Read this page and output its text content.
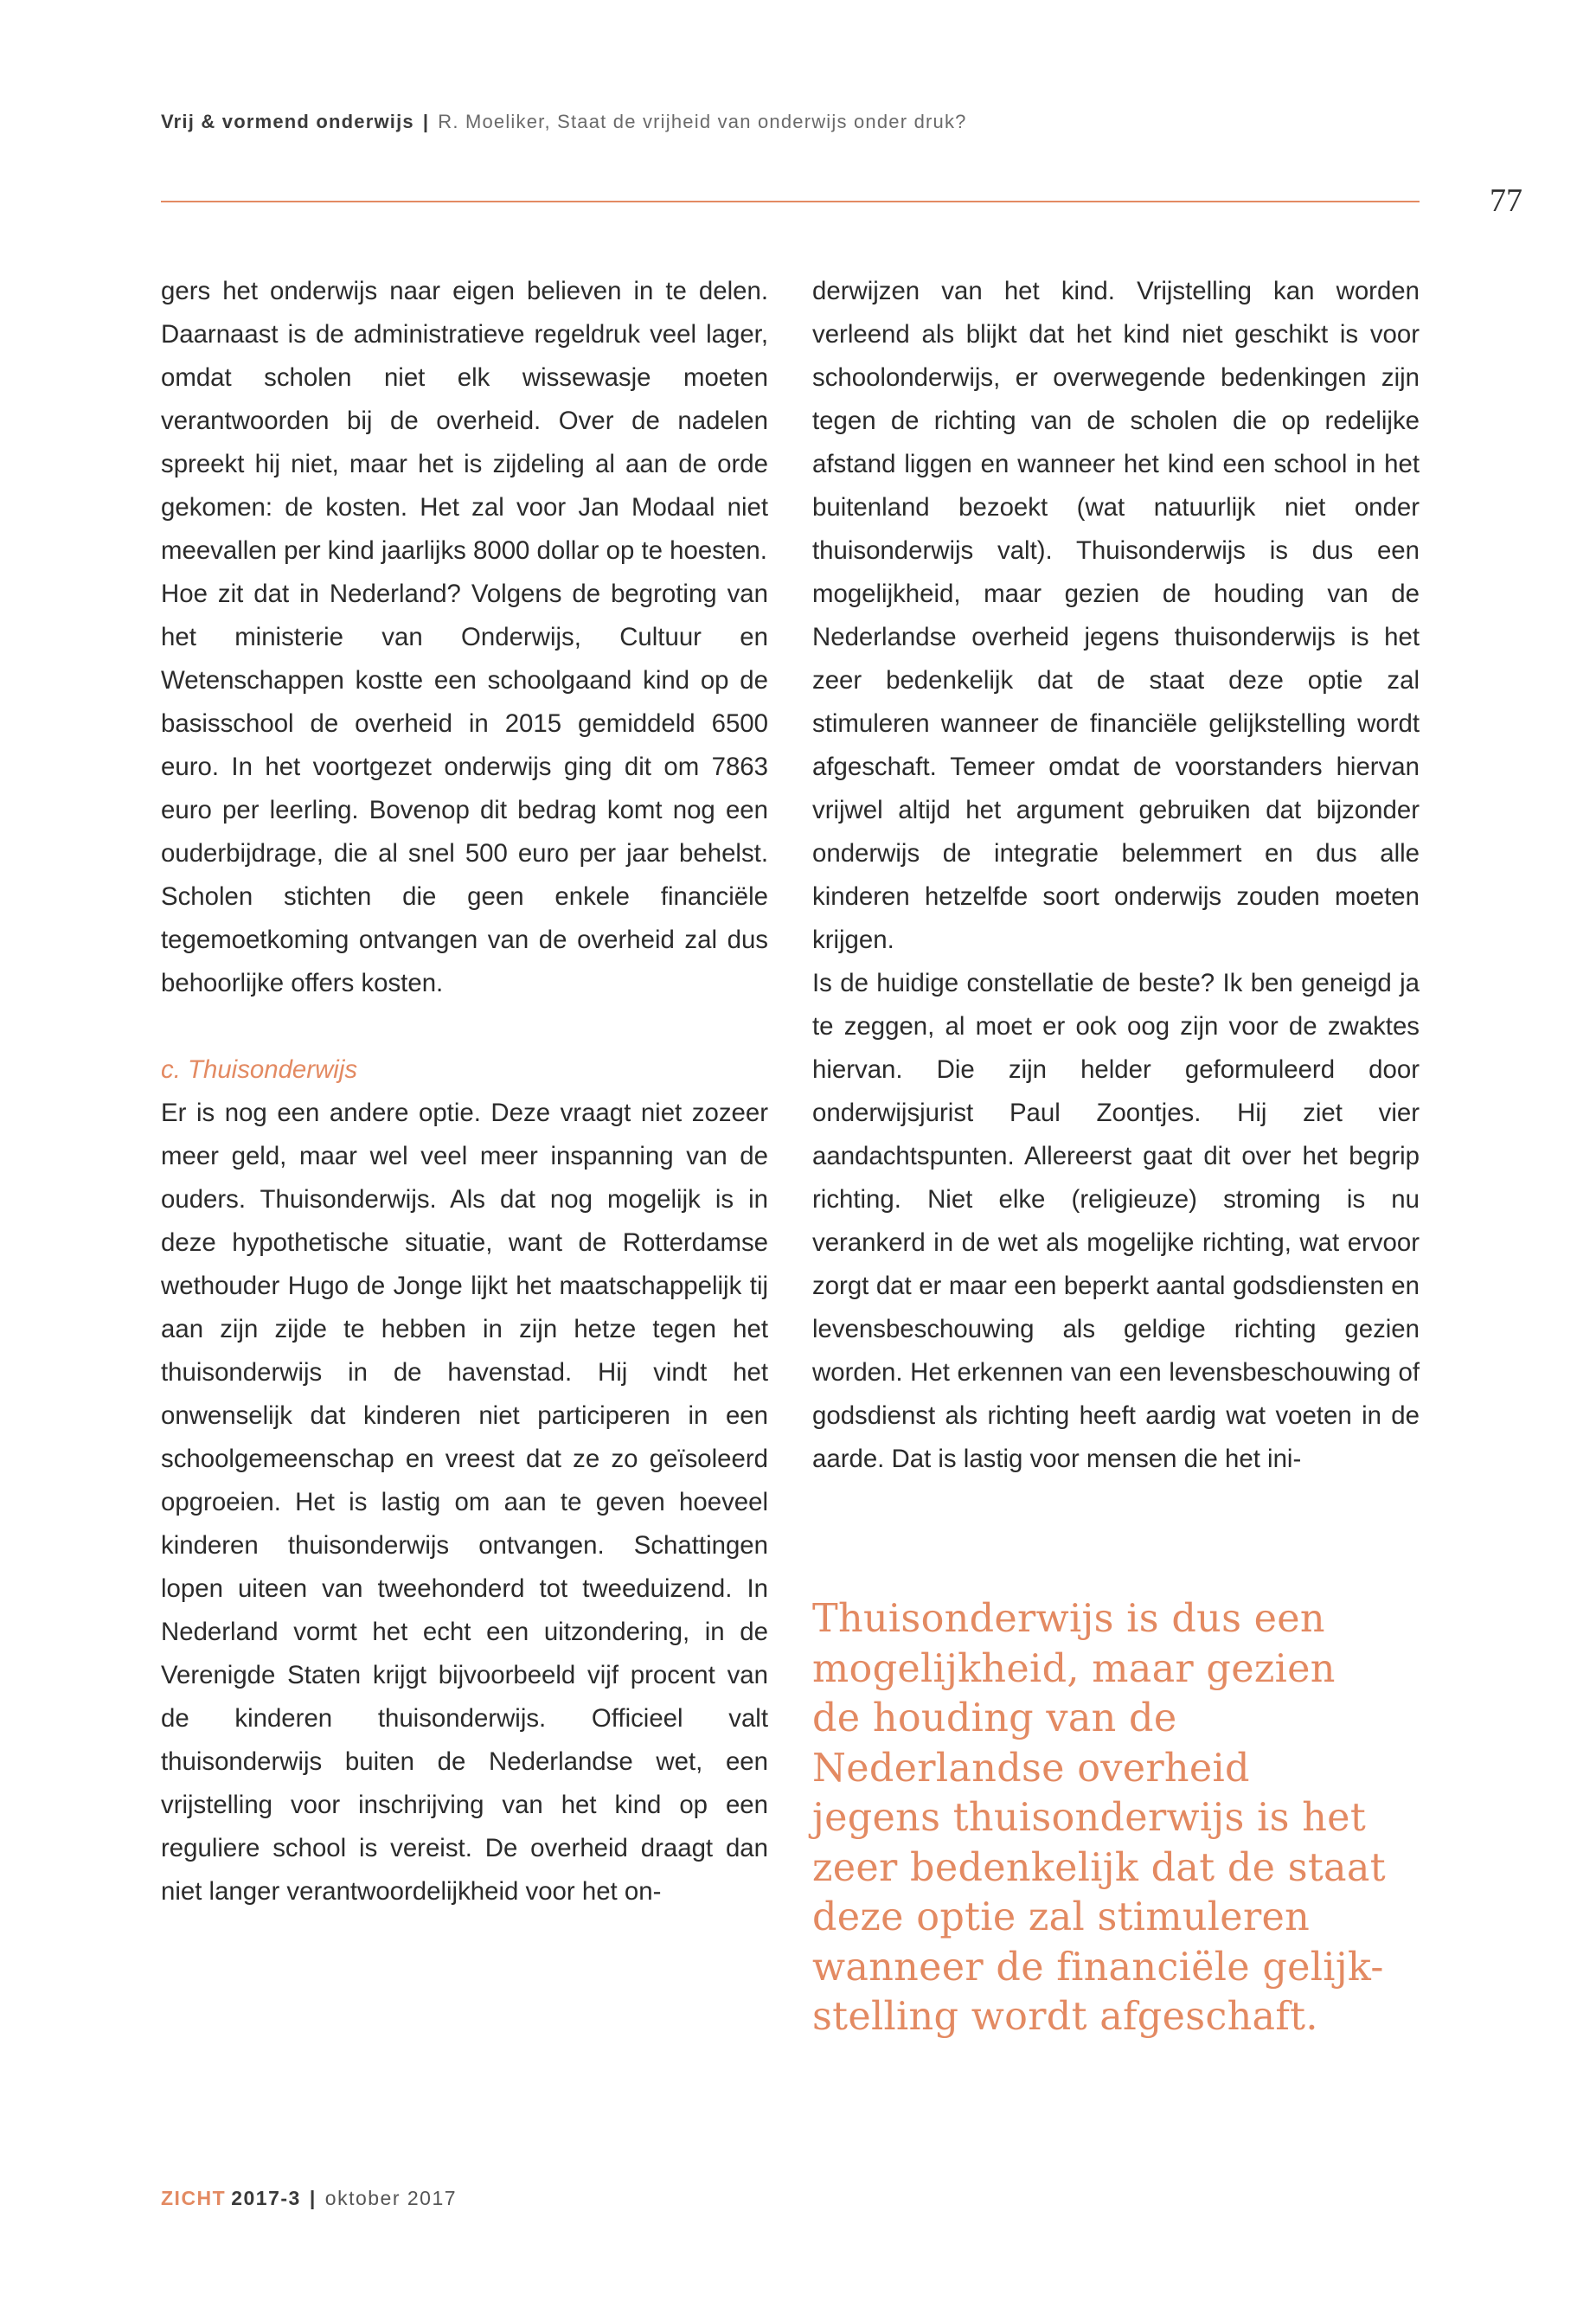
Vrij & vormend onderwijs | R. Moeliker, Staat de vrijheid van onderwijs onder druk?
77

gers het onderwijs naar eigen believen in te delen. Daarnaast is de administratieve regeldruk veel lager, omdat scholen niet elk wissewasje moeten verantwoorden bij de overheid. Over de nadelen spreekt hij niet, maar het is zijdeling al aan de orde gekomen: de kosten. Het zal voor Jan Modaal niet meevallen per kind jaarlijks 8000 dollar op te hoesten.

Hoe zit dat in Nederland? Volgens de begroting van het ministerie van Onderwijs, Cultuur en Wetenschappen kostte een schoolgaand kind op de basisschool de overheid in 2015 gemiddeld 6500 euro. In het voortgezet onderwijs ging dit om 7863 euro per leerling. Bovenop dit bedrag komt nog een ouderbijdrage, die al snel 500 euro per jaar behelst. Scholen stichten die geen enkele financiële tegemoetkoming ontvangen van de overheid zal dus behoorlijke offers kosten.

c. Thuisonderwijs

Er is nog een andere optie. Deze vraagt niet zozeer meer geld, maar wel veel meer inspanning van de ouders. Thuisonderwijs. Als dat nog mogelijk is in deze hypothetische situatie, want de Rotterdamse wethouder Hugo de Jonge lijkt het maatschappelijk tij aan zijn zijde te hebben in zijn hetze tegen het thuisonderwijs in de havenstad. Hij vindt het onwenselijk dat kinderen niet participeren in een schoolgemeenschap en vreest dat ze zo geïsoleerd opgroeien. Het is lastig om aan te geven hoeveel kinderen thuisonderwijs ontvangen. Schattingen lopen uiteen van tweehonderd tot tweeduizend. In Nederland vormt het echt een uitzondering, in de Verenigde Staten krijgt bijvoorbeeld vijf procent van de kinderen thuisonderwijs. Officieel valt thuisonderwijs buiten de Nederlandse wet, een vrijstelling voor inschrijving van het kind op een reguliere school is vereist. De overheid draagt dan niet langer verantwoordelijkheid voor het on-

derwijzen van het kind. Vrijstelling kan worden verleend als blijkt dat het kind niet geschikt is voor schoolonderwijs, er overwegende bedenkingen zijn tegen de richting van de scholen die op redelijke afstand liggen en wanneer het kind een school in het buitenland bezoekt (wat natuurlijk niet onder thuisonderwijs valt). Thuisonderwijs is dus een mogelijkheid, maar gezien de houding van de Nederlandse overheid jegens thuisonderwijs is het zeer bedenkelijk dat de staat deze optie zal stimuleren wanneer de financiële gelijkstelling wordt afgeschaft. Temeer omdat de voorstanders hiervan vrijwel altijd het argument gebruiken dat bijzonder onderwijs de integratie belemmert en dus alle kinderen hetzelfde soort onderwijs zouden moeten krijgen.

Is de huidige constellatie de beste? Ik ben geneigd ja te zeggen, al moet er ook oog zijn voor de zwaktes hiervan. Die zijn helder geformuleerd door onderwijsjurist Paul Zoontjes. Hij ziet vier aandachtspunten. Allereerst gaat dit over het begrip richting. Niet elke (religieuze) stroming is nu verankerd in de wet als mogelijke richting, wat ervoor zorgt dat er maar een beperkt aantal godsdiensten en levensbeschouwing als geldige richting gezien worden. Het erkennen van een levensbeschouwing of godsdienst als richting heeft aardig wat voeten in de aarde. Dat is lastig voor mensen die het ini-

Thuisonderwijs is dus een
mogelijkheid, maar gezien
de houding van de
Nederlandse overheid
jegens thuisonderwijs is het
zeer bedenkelijk dat de staat
deze optie zal stimuleren
wanneer de financiële gelijk-
stelling wordt afgeschaft.
ZICHT 2017-3 | oktober 2017
